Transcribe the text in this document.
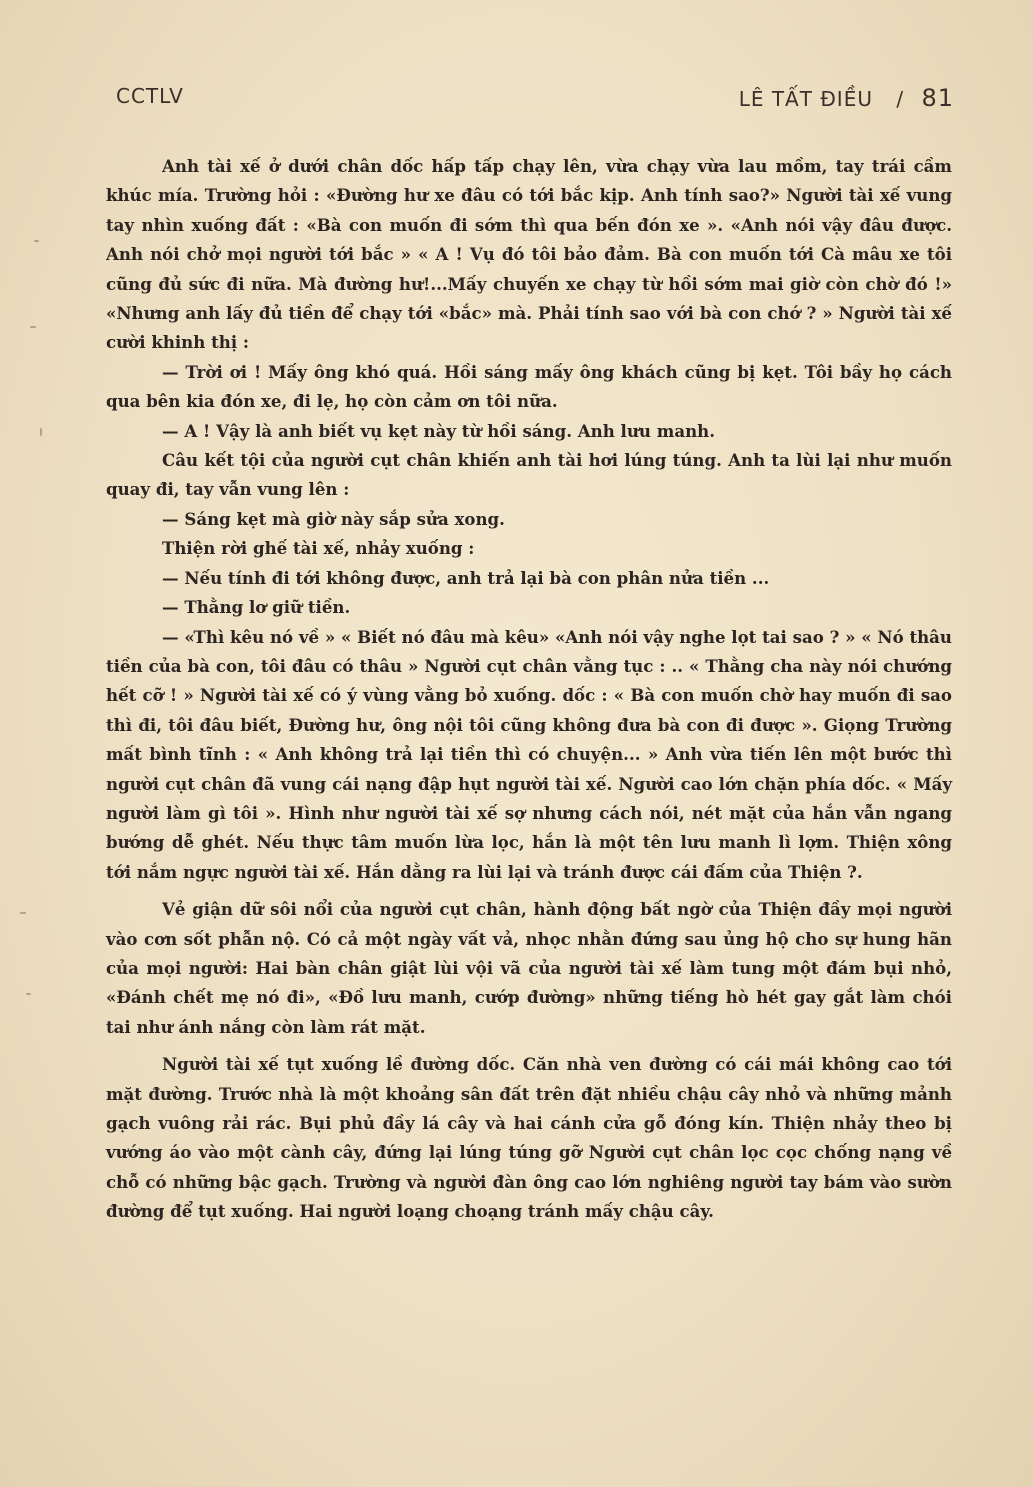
CCTLV	LÊ TẤT ĐIỀU / 81

Anh tài xế ở dưới chân dốc hấp tấp chạy lên, vừa chạy vừa lau mồm, tay trái cầm khúc mía. Trường hỏi : «Đường hư xe đâu có tới bắc kịp. Anh tính sao?» Người tài xế vung tay nhìn xuống đất : «Bà con muốn đi sớm thì qua bến đón xe ». «Anh nói vậy đâu được. Anh nói chở mọi người tới bắc » « A ! Vụ đó tôi bảo đảm. Bà con muốn tới Cà mâu xe tôi cũng đủ sức đi nữa. Mà đường hư!...Mấy chuyến xe chạy từ hồi sớm mai giờ còn chờ đó !» «Nhưng anh lấy đủ tiền để chạy tới «bắc» mà. Phải tính sao với bà con chớ ? » Người tài xế cười khinh thị :

— Trời ơi ! Mấy ông khó quá. Hồi sáng mấy ông khách cũng bị kẹt. Tôi bầy họ cách qua bên kia đón xe, đi lẹ, họ còn cảm ơn tôi nữa.

— A ! Vậy là anh biết vụ kẹt này từ hồi sáng. Anh lưu manh.

Câu kết tội của người cụt chân khiến anh tài hơi lúng túng. Anh ta lùi lại như muốn quay đi, tay vẫn vung lên :

— Sáng kẹt mà giờ này sắp sửa xong.

Thiện rời ghế tài xế, nhảy xuống :

— Nếu tính đi tới không được, anh trả lại bà con phân nửa tiền ...

— Thằng lơ giữ tiền.

— «Thì kêu nó về » « Biết nó đâu mà kêu» «Anh nói vậy nghe lọt tai sao ? » « Nó thâu tiền của bà con, tôi đâu có thâu » Người cụt chân vằng tục : .. « Thằng cha này nói chướng hết cỡ ! » Người tài xế có ý vùng vằng bỏ xuống. dốc : « Bà con muốn chờ hay muốn đi sao thì đi, tôi đâu biết, Đường hư, ông nội tôi cũng không đưa bà con đi được ». Giọng Trường mất bình tĩnh : « Anh không trả lại tiền thì có chuyện... » Anh vừa tiến lên một bước thì người cụt chân đã vung cái nạng đập hụt người tài xế. Người cao lớn chặn phía dốc. « Mấy người làm gì tôi ». Hình như người tài xế sợ nhưng cách nói, nét mặt của hắn vẫn ngang bướng dễ ghét. Nếu thực tâm muốn lừa lọc, hắn là một tên lưu manh lì lợm. Thiện xông tới nắm ngực người tài xế. Hắn dằng ra lùi lại và tránh được cái đấm của Thiện ?.

Vẻ giận dữ sôi nổi của người cụt chân, hành động bất ngờ của Thiện đầy mọi người vào cơn sốt phẫn nộ. Có cả một ngày vất vả, nhọc nhằn đứng sau ủng hộ cho sự hung hãn của mọi người: Hai bàn chân giật lùi vội vã của người tài xế làm tung một đám bụi nhỏ, «Đánh chết mẹ nó đi», «Đồ lưu manh, cướp đường» những tiếng hò hét gay gắt làm chói tai như ánh nắng còn làm rát mặt.

Người tài xế tụt xuống lề đường dốc. Căn nhà ven đường có cái mái không cao tới mặt đường. Trước nhà là một khoảng sân đất trên đặt nhiều chậu cây nhỏ và những mảnh gạch vuông rải rác. Bụi phủ đầy lá cây và hai cánh cửa gỗ đóng kín. Thiện nhảy theo bị vướng áo vào một cành cây, đứng lại lúng túng gỡ Người cụt chân lọc cọc chống nạng về chỗ có những bậc gạch. Trường và người đàn ông cao lớn nghiêng người tay bám vào sườn đường để tụt xuống. Hai người loạng choạng tránh mấy chậu cây.
